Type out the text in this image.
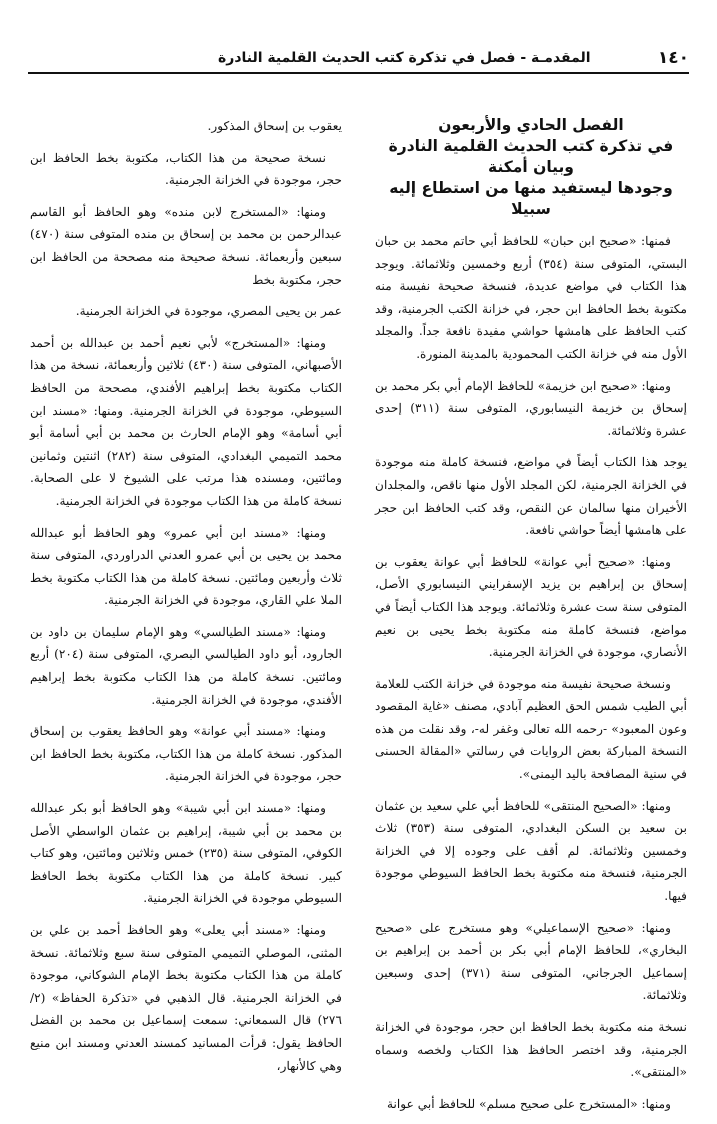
١٤٠
المقدمـة - فصل في تذكرة كتب الحديث القلمية النادرة
الفصل الحادي والأربعون
في تذكرة كتب الحديث القلمية النادرة وبيان أمكنة
وجودها ليستفيد منها من استطاع إليه سبيلا

فمنها: «صحيح ابن حبان» للحافظ أبي حاتم محمد بن حبان البستي، المتوفى سنة (٣٥٤) أربع وخمسين وثلاثمائة. ويوجد هذا الكتاب في مواضع عديدة، فنسخة صحيحة نفيسة منه مكتوبة بخط الحافظ ابن حجر، في خزانة الكتب الجرمنية، وقد كتب الحافظ على هامشها حواشي مفيدة نافعة جداً. والمجلد الأول منه في خزانة الكتب المحمودية بالمدينة المنورة.

ومنها: «صحيح ابن خزيمة» للحافظ الإمام أبي بكر محمد بن إسحاق بن خزيمة النيسابوري، المتوفى سنة (٣١١) إحدى عشرة وثلاثمائة.

يوجد هذا الكتاب أيضاً في مواضع، فنسخة كاملة منه موجودة في الخزانة الجرمنية، لكن المجلد الأول منها ناقص، والمجلدان الأخيران منها سالمان عن النقص، وقد كتب الحافظ ابن حجر على هامشها أيضاً حواشي نافعة.

ومنها: «صحيح أبي عوانة» للحافظ أبي عوانة يعقوب بن إسحاق بن إبراهيم بن يزيد الإسفرايني النيسابوري الأصل، المتوفى سنة ست عشرة وثلاثمائة. ويوجد هذا الكتاب أيضاً في مواضع، فنسخة كاملة منه مكتوبة بخط يحيى بن نعيم الأنصاري، موجودة في الخزانة الجرمنية.

ونسخة صحيحة نفيسة منه موجودة في خزانة الكتب للعلامة أبي الطيب شمس الحق العظيم آبادي، مصنف «غاية المقصود وعون المعبود» -رحمه الله تعالى وغفر له-، وقد نقلت من هذه النسخة المباركة بعض الروايات في رسالتي «المقالة الحسنى في سنية المصافحة باليد اليمنى».

ومنها: «الصحيح المنتقى» للحافظ أبي علي سعيد بن عثمان بن سعيد بن السكن البغدادي، المتوفى سنة (٣٥٣) ثلاث وخمسين وثلاثمائة. لم أقف على وجوده إلا في الخزانة الجرمنية، فنسخة منه مكتوبة بخط الحافظ السيوطي موجودة فيها.

ومنها: «صحيح الإسماعيلي» وهو مستخرج على «صحيح البخاري»، للحافظ الإمام أبي بكر بن أحمد بن إبراهيم بن إسماعيل الجرجاني، المتوفى سنة (٣٧١) إحدى وسبعين وثلاثمائة.

نسخة منه مكتوبة بخط الحافظ ابن حجر، موجودة في الخزانة الجرمنية، وقد اختصر الحافظ هذا الكتاب ولخصه وسماه «المنتقى».

ومنها: «المستخرج على صحيح مسلم» للحافظ أبي عوانة

يعقوب بن إسحاق المذكور.

نسخة صحيحة من هذا الكتاب، مكتوبة بخط الحافظ ابن حجر، موجودة في الخزانة الجرمنية.

ومنها: «المستخرج لابن منده» وهو الحافظ أبو القاسم عبدالرحمن بن محمد بن إسحاق بن منده المتوفى سنة (٤٧٠) سبعين وأربعمائة. نسخة صحيحة منه مصححة من الحافظ ابن حجر، مكتوبة بخط

عمر بن يحيى المصري، موجودة في الخزانة الجرمنية.

ومنها: «المستخرج» لأبي نعيم أحمد بن عبدالله بن أحمد الأصبهاني، المتوفى سنة (٤٣٠) ثلاثين وأربعمائة، نسخة من هذا الكتاب مكتوبة بخط إبراهيم الأفندي، مصححة من الحافظ السيوطي، موجودة في الخزانة الجرمنية. ومنها: «مسند ابن أبي أسامة» وهو الإمام الحارث بن محمد بن أبي أسامة أبو محمد التميمي البغدادي، المتوفى سنة (٢٨٢) اثنتين وثمانين ومائتين، ومسنده هذا مرتب على الشيوخ لا على الصحابة. نسخة كاملة من هذا الكتاب موجودة في الخزانة الجرمنية.

ومنها: «مسند ابن أبي عمرو» وهو الحافظ أبو عبدالله محمد بن يحيى بن أبي عمرو العدني الدراوردي، المتوفى سنة ثلاث وأربعين ومائتين. نسخة كاملة من هذا الكتاب مكتوبة بخط الملا علي القاري، موجودة في الخزانة الجرمنية.

ومنها: «مسند الطيالسي» وهو الإمام سليمان بن داود بن الجارود، أبو داود الطيالسي البصري، المتوفى سنة (٢٠٤) أربع ومائتين. نسخة كاملة من هذا الكتاب مكتوبة بخط إبراهيم الأفندي، موجودة في الخزانة الجرمنية.

ومنها: «مسند أبي عوانة» وهو الحافظ يعقوب بن إسحاق المذكور. نسخة كاملة من هذا الكتاب، مكتوبة بخط الحافظ ابن حجر، موجودة في الخزانة الجرمنية.

ومنها: «مسند ابن أبي شيبة» وهو الحافظ أبو بكر عبدالله بن محمد بن أبي شيبة، إبراهيم بن عثمان الواسطي الأصل الكوفي، المتوفى سنة (٢٣٥) خمس وثلاثين ومائتين، وهو كتاب كبير. نسخة كاملة من هذا الكتاب مكتوبة بخط الحافظ السيوطي موجودة في الخزانة الجرمنية.

ومنها: «مسند أبي يعلى» وهو الحافظ أحمد بن علي بن المثنى، الموصلي التميمي المتوفى سنة سبع وثلاثمائة. نسخة كاملة من هذا الكتاب مكتوبة بخط الإمام الشوكاني، موجودة في الخزانة الجرمنية. قال الذهبي في «تذكرة الحفاظ» (٢/ ٢٧٦) قال السمعاني: سمعت إسماعيل بن محمد بن الفضل الحافظ يقول: قرأت المسانيد كمسند العدني ومسند ابن منيع وهي كالأنهار،
